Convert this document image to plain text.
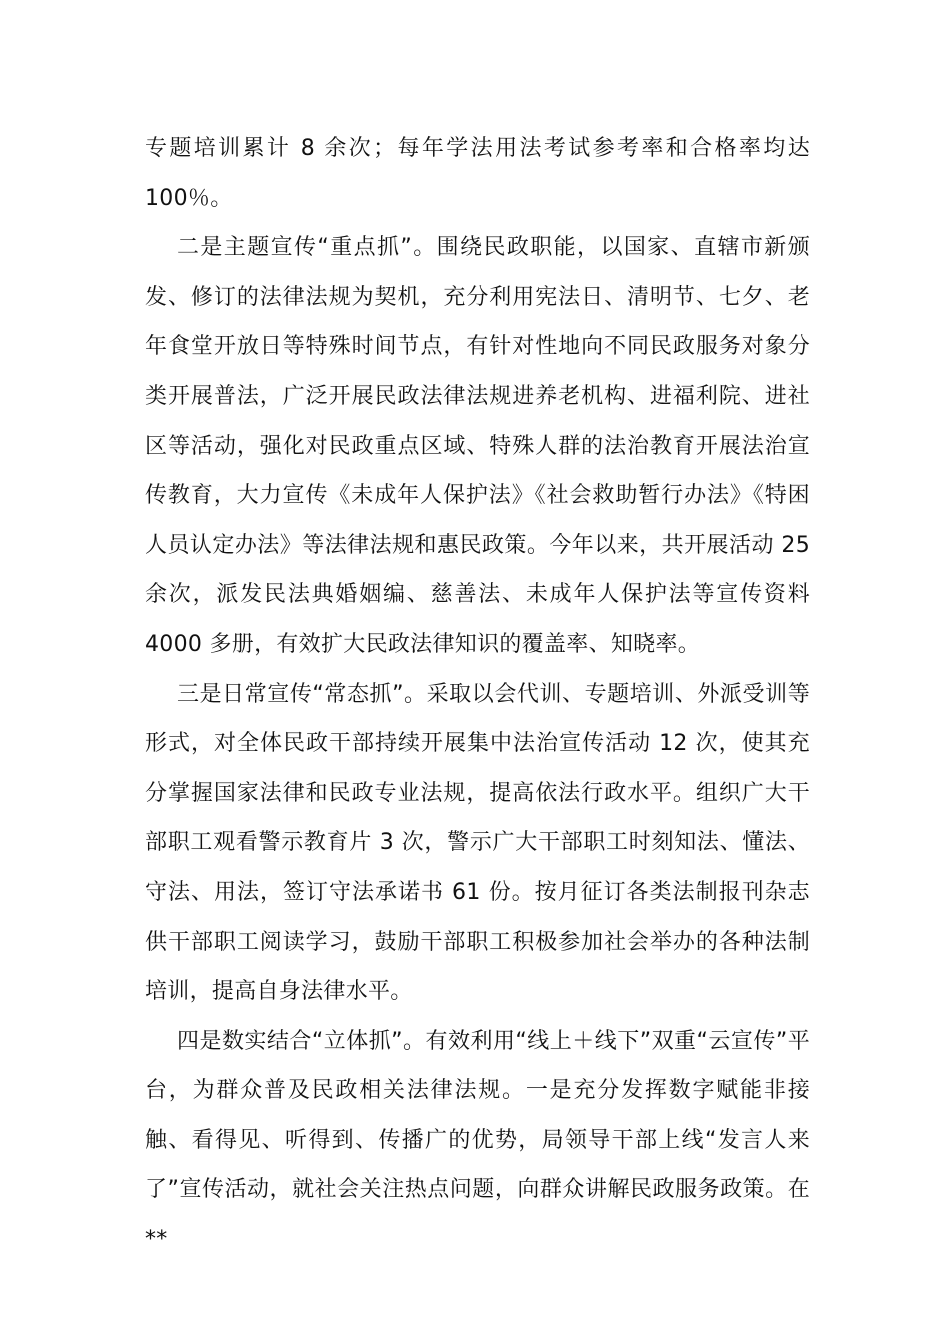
专题培训累计 8 余次；每年学法用法考试参考率和合格率均达 100％。

二是主题宣传“重点抓”。围绕民政职能，以国家、直辖市新颁发、修订的法律法规为契机，充分利用宪法日、清明节、七夕、老年食堂开放日等特殊时间节点，有针对性地向不同民政服务对象分类开展普法，广泛开展民政法律法规进养老机构、进福利院、进社区等活动，强化对民政重点区域、特殊人群的法治教育开展法治宣传教育，大力宣传《未成年人保护法》《社会救助暂行办法》《特困人员认定办法》等法律法规和惠民政策。今年以来，共开展活动 25 余次，派发民法典婚姻编、慈善法、未成年人保护法等宣传资料 4000 多册，有效扩大民政法律知识的覆盖率、知晓率。

三是日常宣传“常态抓”。采取以会代训、专题培训、外派受训等形式，对全体民政干部持续开展集中法治宣传活动 12 次，使其充分掌握国家法律和民政专业法规，提高依法行政水平。组织广大干部职工观看警示教育片 3 次，警示广大干部职工时刻知法、懂法、守法、用法，签订守法承诺书 61 份。按月征订各类法制报刊杂志供干部职工阅读学习，鼓励干部职工积极参加社会举办的各种法制培训，提高自身法律水平。

四是数实结合“立体抓”。有效利用“线上＋线下”双重“云宣传”平台，为群众普及民政相关法律法规。一是充分发挥数字赋能非接触、看得见、听得到、传播广的优势，局领导干部上线“发言人来了”宣传活动，就社会关注热点问题，向群众讲解民政服务政策。在**
